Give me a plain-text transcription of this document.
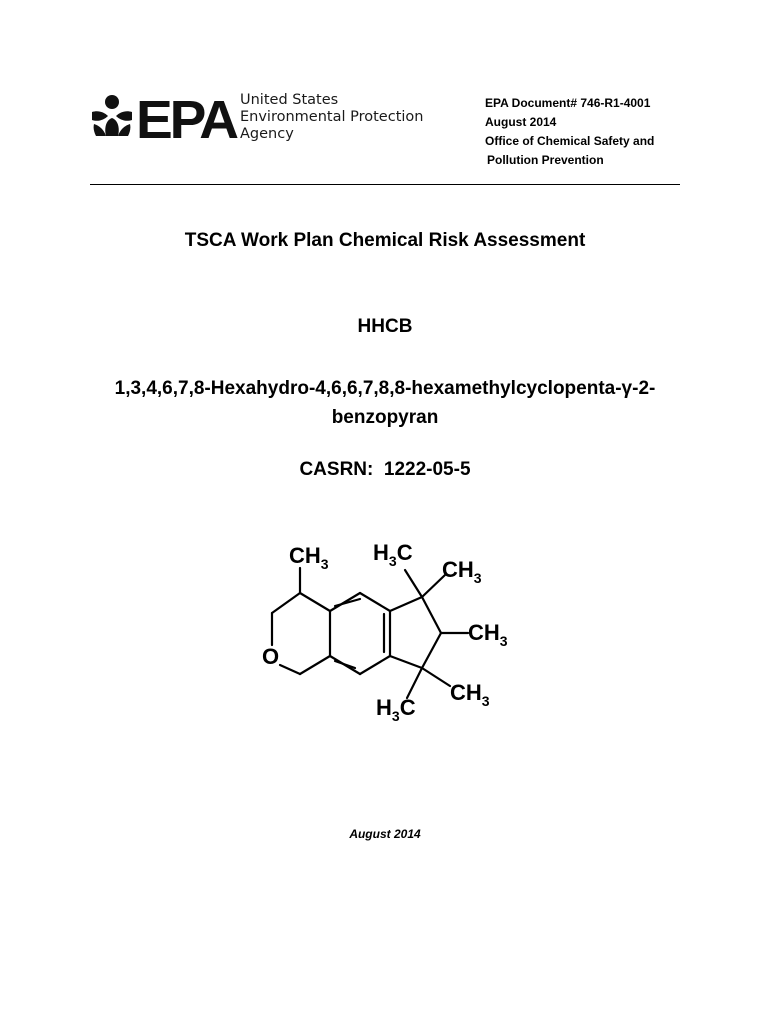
EPA United States
Environmental Protection
Agency
EPA Document# 746-R1-4001
August 2014
Office of Chemical Safety and
Pollution Prevention
TSCA Work Plan Chemical Risk Assessment
HHCB
1,3,4,6,7,8-Hexahydro-4,6,6,7,8,8-hexamethylcyclopenta-γ-2-benzopyran
CASRN:  1222-05-5
$CH_3$ $H_3C$
$CH_3$
$CH_3$
$CH_3$
$H_3C$
O
August 2014
